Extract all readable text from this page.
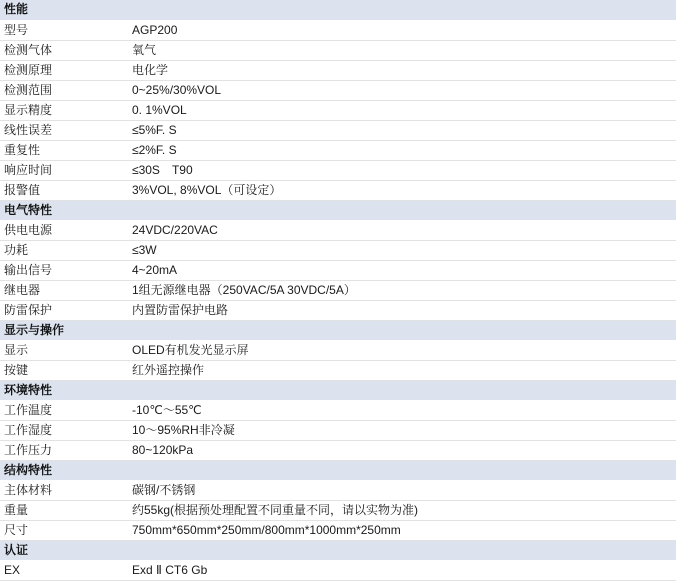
性能	
型号	AGP200
检测气体	氧气
检测原理	电化学
检测范围	0~25%/30%VOL
显示精度	0. 1%VOL
线性误差	≤5%F. S
重复性	≤2%F. S
响应时间	≤30S　T90
报警值	3%VOL, 8%VOL（可设定）
电气特性	
供电电源	24VDC/220VAC
功耗	≤3W
输出信号	4~20mA
继电器	1组无源继电器（250VAC/5A 30VDC/5A）
防雷保护	内置防雷保护电路
显示与操作	
显示	OLED有机发光显示屏
按键	红外遥控操作
环境特性	
工作温度	-10℃～55℃
工作湿度	10～95%RH非冷凝
工作压力	80~120kPa
结构特性	
主体材料	碳钢/不锈钢
重量	约55kg(根据预处理配置不同重量不同，请以实物为准)
尺寸	750mm*650mm*250mm/800mm*1000mm*250mm
认证	
EX	Exd Ⅱ CT6 Gb
